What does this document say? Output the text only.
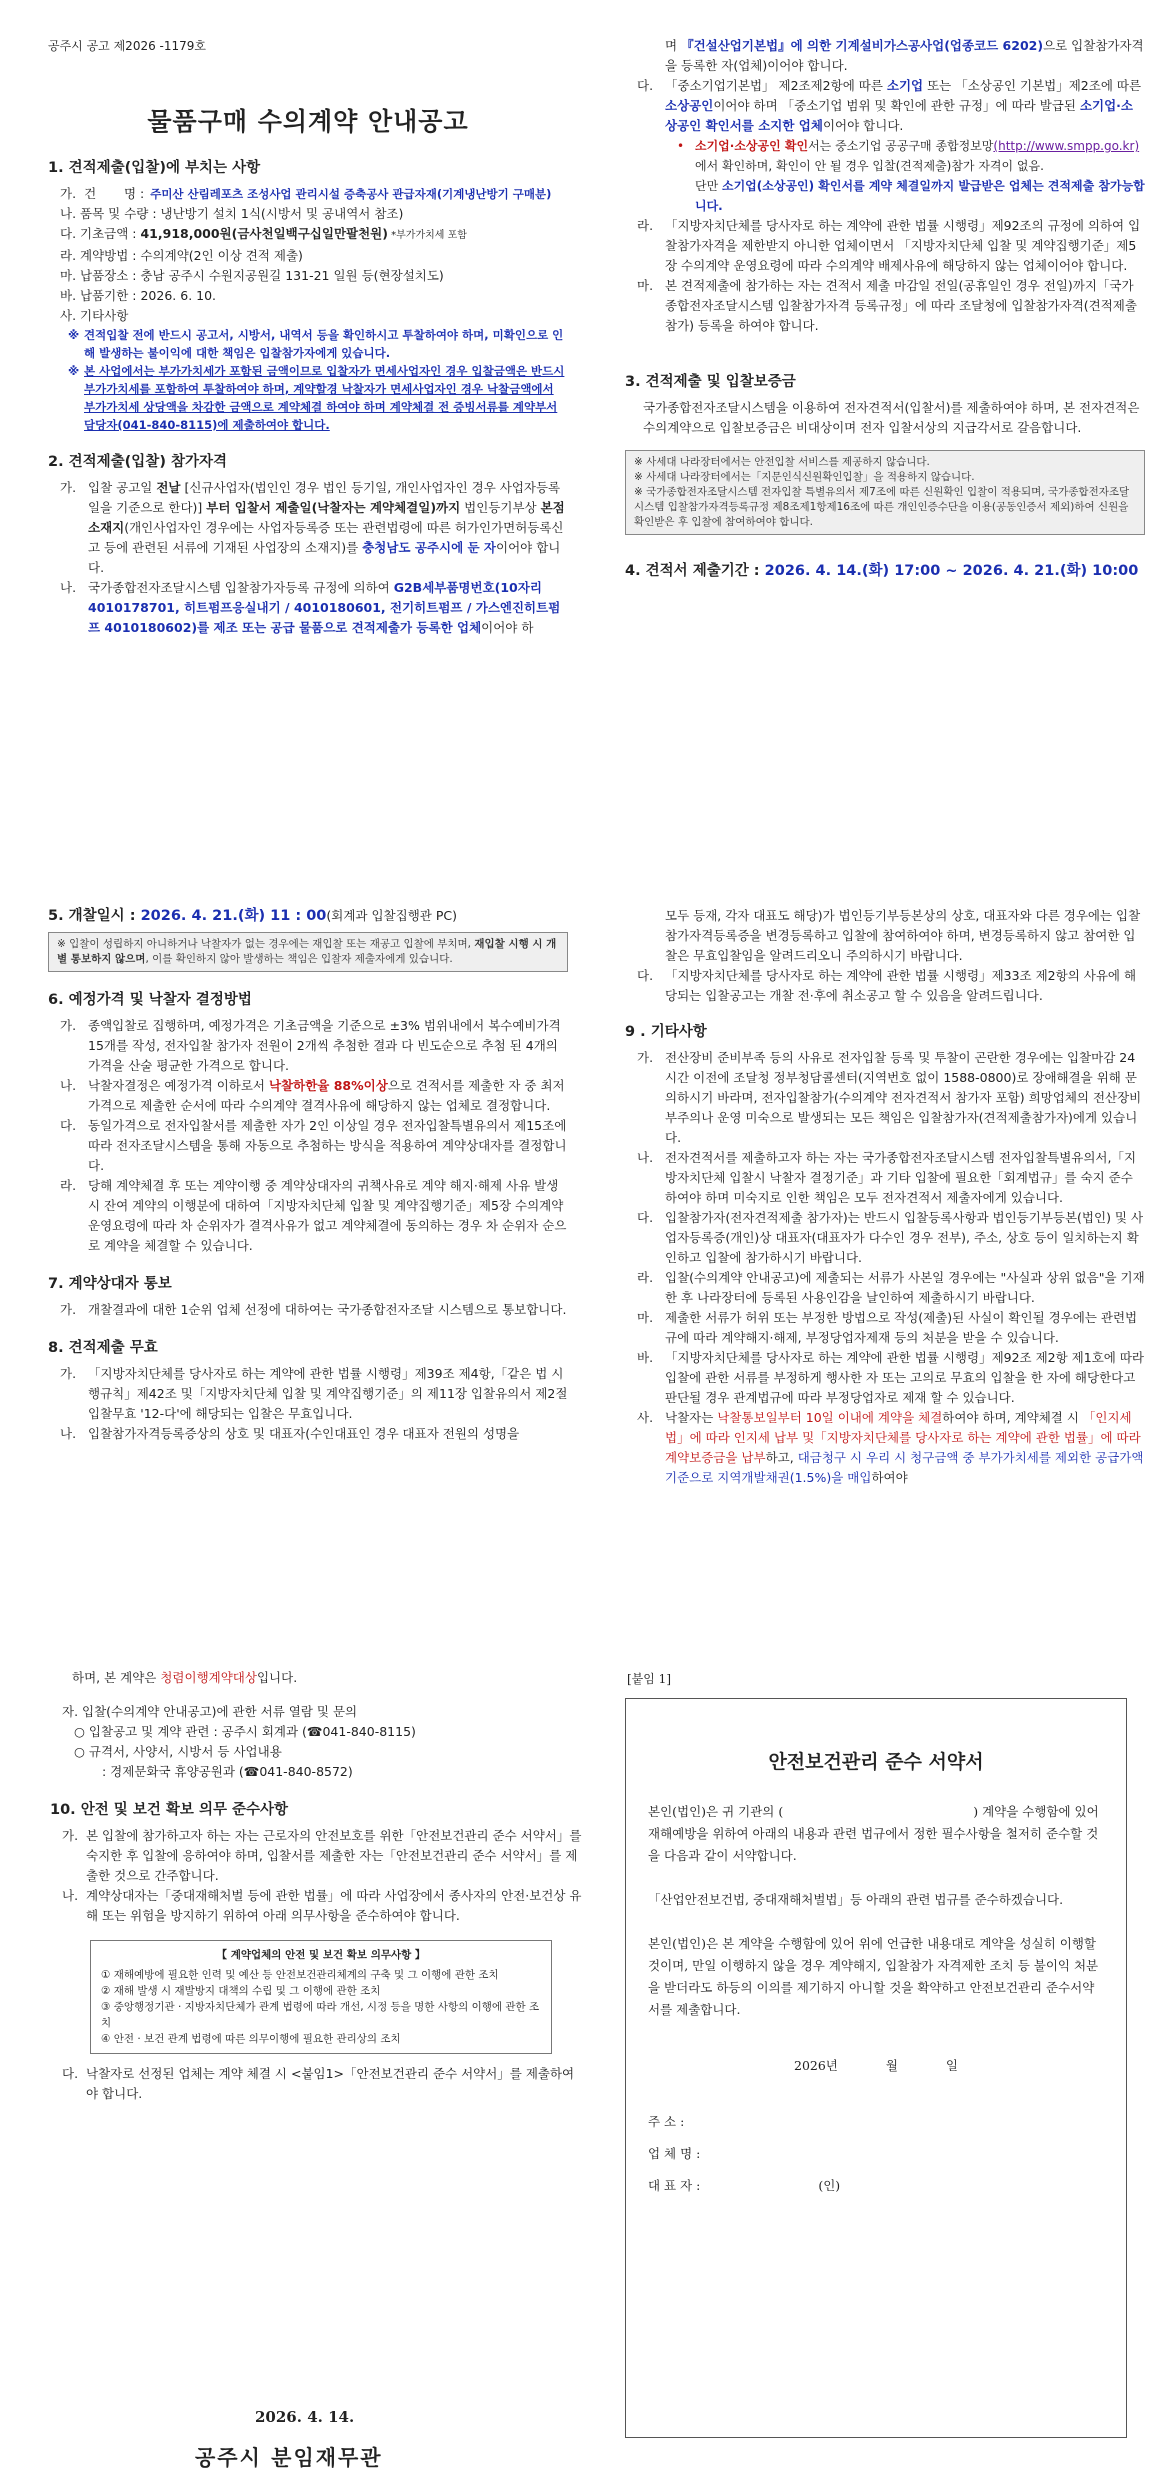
공주시 공고 제2026 -1179호
물품구매 수의계약 안내공고
1. 견적제출(입찰)에 부치는 사항
가. 건       명 : 주미산 산림레포츠 조성사업 관리시설 증축공사 관급자재(기계냉난방기 구매분)
나. 품목 및 수량 : 냉난방기 설치 1식(시방서 및 공내역서 참조)
다. 기초금액 : 41,918,000원(금사천일백구십일만팔천원) *부가가치세 포함
라. 계약방법 : 수의계약(2인 이상 견적 제출)
마. 납품장소 : 충남 공주시 수원지공원길 131-21 일원 등(현장설치도)
바. 납품기한 : 2026. 6. 10.
사. 기타사항
※ 견적입찰 전에 반드시 공고서, 시방서, 내역서 등을 확인하시고 투찰하여야 하며, 미확인으로 인해 발생하는 불이익에 대한 책임은 입찰참가자에게 있습니다.
※ 본 사업에서는 부가가치세가 포함된 금액이므로 입찰자가 면세사업자인 경우 입찰금액은 반드시 부가가치세를 포함하여 투찰하여야 하며, 계약할경 낙찰자가 면세사업자인 경우 낙찰금액에서 부가가치세 상당액을 차감한 금액으로 계약체결 하여야 하며 계약체결 전 증빙서류를 계약부서 담당자(041-840-8115)에 제출하여야 합니다.
2. 견적제출(입찰) 참가자격
가. 입찰 공고일 전날 [신규사업자(법인인 경우 법인 등기일, 개인사업자인 경우 사업자등록일을 기준으로 한다)] 부터 입찰서 제출일(낙찰자는 계약체결일)까지 법인등기부상 본점 소재지(개인사업자인 경우에는 사업자등록증 또는 관련법령에 따른 허가인가면허등록신고 등에 관련된 서류에 기재된 사업장의 소재지)를 충청남도 공주시에 둔 자이어야 합니다.
나. 국가종합전자조달시스템 입찰참가자등록 규정에 의하여 G2B세부품명번호(10자리 4010178701, 히트펌프응실내기 / 4010180601, 전기히트펌프 / 가스엔진히트펌프 4010180602)를 제조 또는 공급 물품으로 견적제출가 등록한 업체이어야 하
며 『건설산업기본법』에 의한 기계설비가스공사업(업종코드 6202)으로 입찰참가자격을 등록한 자(업체)이어야 합니다.
다. 「중소기업기본법」 제2조제2항에 따른 소기업 또는 「소상공인 기본법」제2조에 따른 소상공인이어야 하며 「중소기업 범위 및 확인에 관한 규정」에 따라 발급된 소기업·소상공인 확인서를 소지한 업체이어야 합니다.
• 소기업·소상공인 확인서는 중소기업 공공구매 종합정보망(http://www.smpp.go.kr)에서 확인하며, 확인이 안 될 경우 입찰(견적제출)참가 자격이 없음.
단만 소기업(소상공인) 확인서를 계약 체결일까지 발급받은 업체는 견적제출 참가능합니다.
라. 「지방자치단체를 당사자로 하는 계약에 관한 법률 시행령」제92조의 규정에 의하여 입찰참가자격을 제한받지 아니한 업체이면서 「지방자치단체 입찰 및 계약집행기준」제5장 수의계약 운영요령에 따라 수의계약 배제사유에 해당하지 않는 업체이어야 합니다.
마. 본 견적제출에 참가하는 자는 견적서 제출 마감일 전일(공휴일인 경우 전일)까지「국가종합전자조달시스템 입찰참가자격 등록규정」에 따라 조달청에 입찰참가자격(견적제출참가) 등록을 하여야 합니다.
3. 견적제출 및 입찰보증금
국가종합전자조달시스템을 이용하여 전자견적서(입찰서)를 제출하여야 하며, 본 전자견적은 수의계약으로 입찰보증금은 비대상이며 전자 입찰서상의 지급각서로 갈음합니다.

※ 사세대 나라장터에서는 안전입찰 서비스를 제공하지 않습니다.

※ 사세대 나라장터에서는「지문인식신원확인입찰」을 적용하지 않습니다.

※ 국가종합전자조달시스템 전자입찰 특별유의서 제7조에 따른 신원확인 입찰이 적용되며, 국가종합전자조달시스템 입찰참가자격등록규정 제8조제1항제16조에 따른 개인인증수단을 이용(공동인증서 제외)하여 신원을 확인받은 후 입찰에 참여하여야 합니다.

4. 견적서 제출기간 : 2026. 4. 14.(화) 17:00 ~ 2026. 4. 21.(화) 10:00
5. 개찰일시 : 2026. 4. 21.(화) 11 : 00(회계과 입찰집행관 PC)
※ 입찰이 성립하지 아니하거나 낙찰자가 없는 경우에는 재입찰 또는 재공고 입찰에 부치며, 재입찰 시행 시 개별 통보하지 않으며, 이를 확인하지 않아 발생하는 책임은 입찰자 제출자에게 있습니다.
6. 예정가격 및 낙찰자 결정방법
가. 종액입찰로 집행하며, 예정가격은 기초금액을 기준으로 ±3% 범위내에서 복수예비가격 15개를 작성, 전자입찰 참가자 전원이 2개씩 추첨한 결과 다 빈도순으로 추첨 된 4개의 가격을 산술 평균한 가격으로 합니다.
나. 낙찰자결정은 예정가격 이하로서 낙찰하한율 88%이상으로 견적서를 제출한 자 중 최저가격으로 제출한 순서에 따라 수의계약 결격사유에 해당하지 않는 업체로 결정합니다.
다. 동일가격으로 전자입찰서를 제출한 자가 2인 이상일 경우 전자입찰특별유의서 제15조에 따라 전자조달시스템을 통해 자동으로 추첨하는 방식을 적용하여 계약상대자를 결정합니다.
라. 당해 계약체결 후 또는 계약이행 중 계약상대자의 귀책사유로 계약 해지·해제 사유 발생 시 잔여 계약의 이행분에 대하여「지방자치단체 입찰 및 계약집행기준」제5장 수의계약 운영요령에 따라 차 순위자가 결격사유가 없고 계약체결에 동의하는 경우 차 순위자 순으로 계약을 체결할 수 있습니다.
7. 계약상대자 통보
가. 개찰결과에 대한 1순위 업체 선정에 대하여는 국가종합전자조달 시스템으로 통보합니다.
8. 견적제출 무효
가. 「지방자치단체를 당사자로 하는 계약에 관한 법률 시행령」제39조 제4항,「같은 법 시행규칙」제42조 및「지방자치단체 입찰 및 계약집행기준」의 제11장 입찰유의서 제2절 입찰무효 '12-다'에 해당되는 입찰은 무효입니다.
나. 입찰참가자격등록증상의 상호 및 대표자(수인대표인 경우 대표자 전원의 성명을
모두 등재, 각자 대표도 해당)가 법인등기부등본상의 상호, 대표자와 다른 경우에는 입찰참가자격등록증을 변경등록하고 입찰에 참여하여야 하며, 변경등록하지 않고 참여한 입찰은 무효입찰임을 알려드리오니 주의하시기 바랍니다.
다. 「지방자치단체를 당사자로 하는 계약에 관한 법률 시행령」제33조 제2항의 사유에 해당되는 입찰공고는 개찰 전·후에 취소공고 할 수 있음을 알려드립니다.
9 . 기타사항
가. 전산장비 준비부족 등의 사유로 전자입찰 등록 및 투찰이 곤란한 경우에는 입찰마감 24시간 이전에 조달청 정부청담콜센터(지역번호 없이 1588-0800)로 장애해결을 위해 문의하시기 바라며, 전자입찰참가(수의계약 전자견적서 참가자 포함) 희망업체의 전산장비 부주의나 운영 미숙으로 발생되는 모든 책임은 입찰참가자(견적제출참가자)에게 있습니다.
나. 전자견적서를 제출하고자 하는 자는 국가종합전자조달시스템 전자입찰특별유의서,「지방자치단체 입찰시 낙찰자 결정기준」과 기타 입찰에 필요한「회계법규」를 숙지 준수 하여야 하며 미숙지로 인한 책임은 모두 전자견적서 제출자에게 있습니다.
다. 입찰참가자(전자견적제출 참가자)는 반드시 입찰등록사항과 법인등기부등본(법인) 및 사업자등록증(개인)상 대표자(대표자가 다수인 경우 전부), 주소, 상호 등이 일치하는지 확인하고 입찰에 참가하시기 바랍니다.
라. 입찰(수의계약 안내공고)에 제출되는 서류가 사본일 경우에는 "사실과 상위 없음"을 기재한 후 나라장터에 등록된 사용인감을 날인하여 제출하시기 바랍니다.
마. 제출한 서류가 허위 또는 부정한 방법으로 작성(제출)된 사실이 확인될 경우에는 관련법규에 따라 계약해지·해제, 부정당업자제재 등의 처분을 받을 수 있습니다.
바. 「지방자치단체를 당사자로 하는 계약에 관한 법률 시행령」제92조 제2항 제1호에 따라 입찰에 관한 서류를 부정하게 행사한 자 또는 고의로 무효의 입찰을 한 자에 해당한다고 판단될 경우 관계법규에 따라 부정당업자로 제재 할 수 있습니다.
사. 낙찰자는 낙찰통보일부터 10일 이내에 계약을 체결하여야 하며, 계약체결 시 「인지세법」에 따라 인지세 납부 및「지방자치단체를 당사자로 하는 계약에 관한 법률」에 따라 계약보증금을 납부하고, 대금청구 시 우리 시 청구금액 중 부가가치세를 제외한 공급가액 기준으로 지역개발채권(1.5%)을 매입하여야
하며, 본 계약은 청렴이행계약대상입니다.
자. 입찰(수의계약 안내공고)에 관한 서류 열람 및 문의
○ 입찰공고 및 계약 관련 : 공주시 회계과 (☎041-840-8115)
○ 규격서, 사양서, 시방서 등 사업내용
: 경제문화국 휴양공원과 (☎041-840-8572)
10. 안전 및 보건 확보 의무 준수사항
가. 본 입찰에 참가하고자 하는 자는 근로자의 안전보호를 위한「안전보건관리 준수 서약서」를 숙지한 후 입찰에 응하여야 하며, 입찰서를 제출한 자는「안전보건관리 준수 서약서」를 제출한 것으로 간주합니다.
나. 계약상대자는「중대재해처벌 등에 관한 법률」에 따라 사업장에서 종사자의 안전·보건상 유해 또는 위험을 방지하기 위하여 아래 의무사항을 준수하여야 합니다.
【 계약업체의 안전 및 보건 확보 의무사항 】
① 재해예방에 필요한 인력 및 예산 등 안전보건관리체계의 구축 및 그 이행에 관한 조치
② 재해 발생 시 재발방지 대책의 수립 및 그 이행에 관한 조치
③ 중앙행정기관 · 지방자치단체가 관계 법령에 따라 개선, 시정 등을 명한 사항의 이행에 관한 조치
④ 안전 · 보건 관계 법령에 따른 의무이행에 필요한 관리상의 조치
다. 낙찰자로 선정된 업체는 계약 체결 시 <붙임1>「안전보건관리 준수 서약서」를 제출하여야 합니다.
2026. 4. 14.
공주시 분임재무관
[붙임 1]
안전보건관리 준수 서약서

본인(법인)은 귀 기관의 (	) 계약을 수행함에 있어 재해예방을 위하여 아래의 내용과 관련 법규에서 정한 필수사항을 철저히 준수할 것을 다음과 같이 서약합니다.

「산업안전보건법, 중대재해처벌법」등 아래의 관련 법규를 준수하겠습니다.

본인(법인)은 본 계약을 수행함에 있어 위에 언급한 내용대로 계약을 성실히 이행할 것이며, 만일 이행하지 않을 경우 계약해지, 입찰참가 자격제한 조치 등 불이익 처분을 받더라도 하등의 이의를 제기하지 아니할 것을 확약하고 안전보건관리 준수서약서를 제출합니다.

2026년	월	일
주 소 :
업 체 명 :
대 표 자 :	(인)
